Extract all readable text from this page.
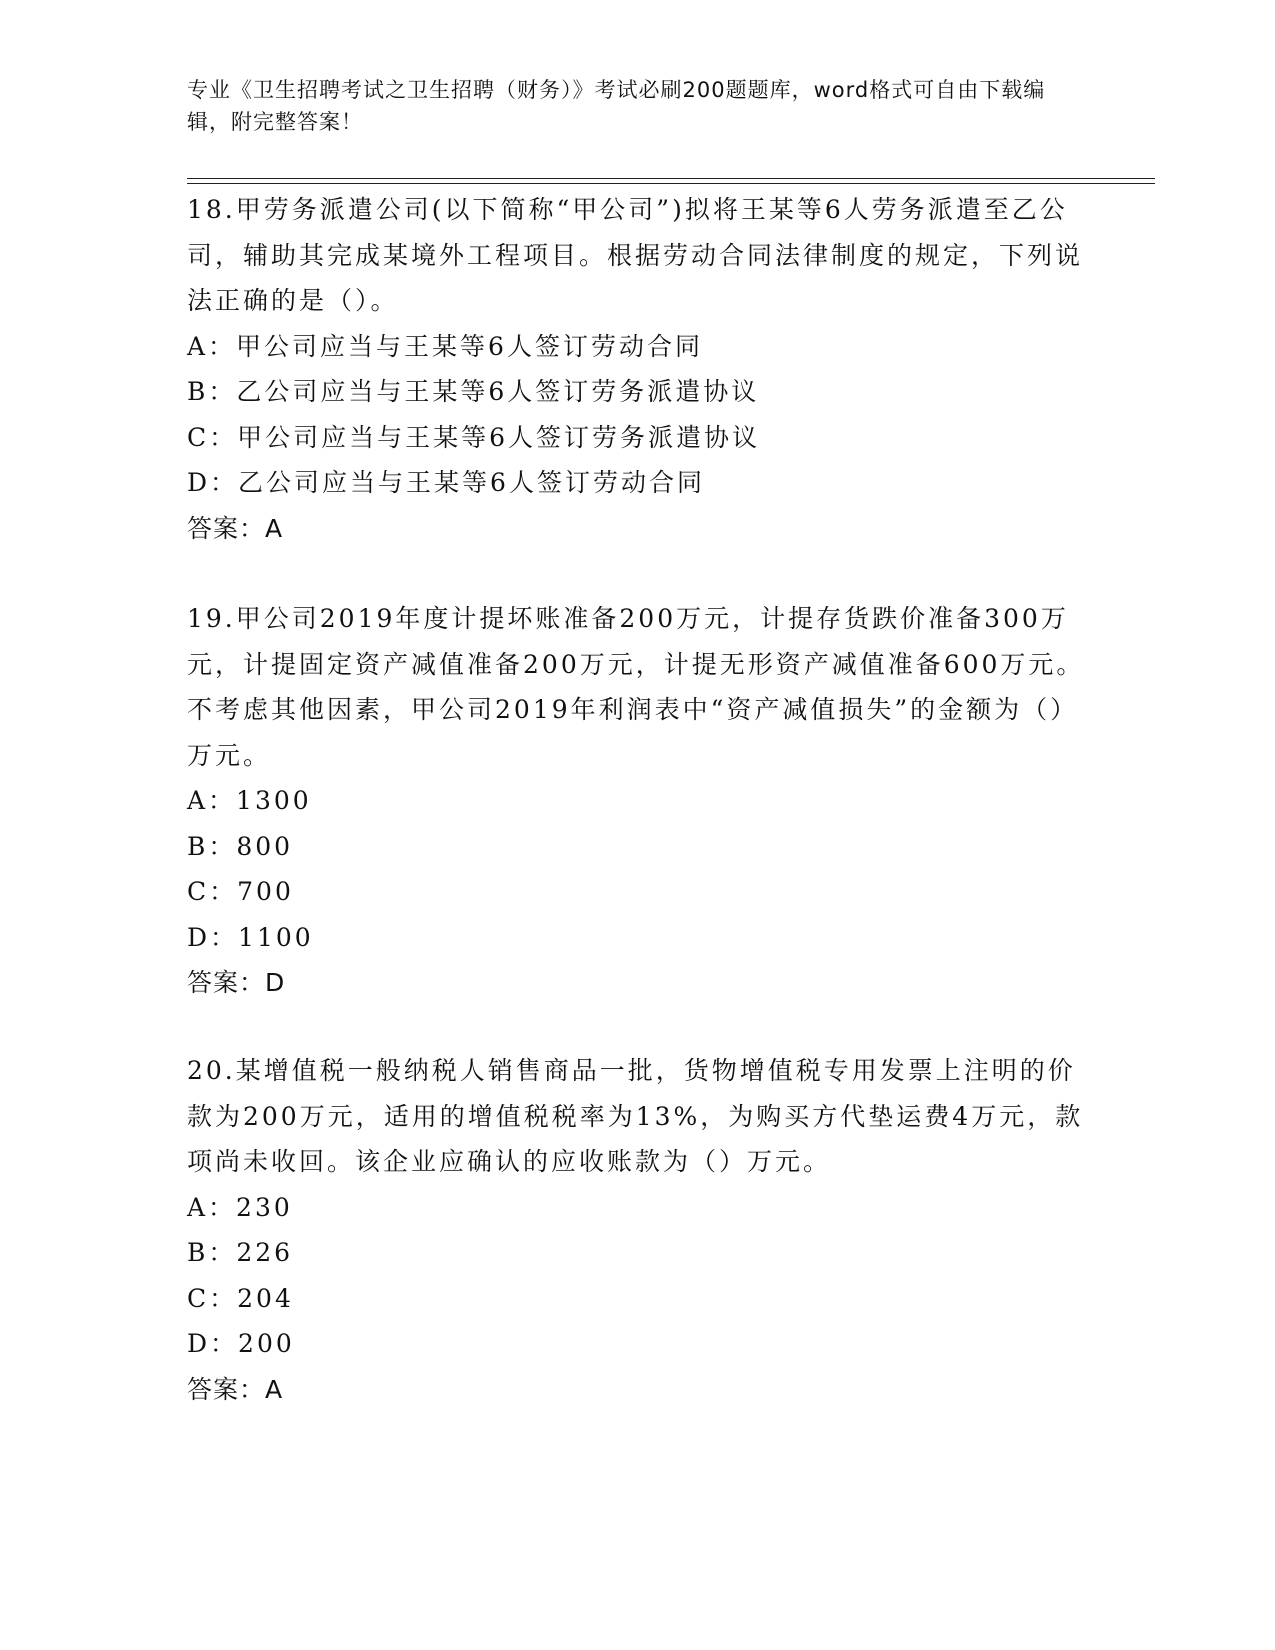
专业《卫生招聘考试之卫生招聘（财务）》考试必刷200题题库，word格式可自由下载编辑，附完整答案！

18.甲劳务派遣公司(以下简称“甲公司”)拟将王某等6人劳务派遣至乙公司，辅助其完成某境外工程项目。根据劳动合同法律制度的规定，下列说法正确的是（）。

A：甲公司应当与王某等6人签订劳动合同
B：乙公司应当与王某等6人签订劳务派遣协议
C：甲公司应当与王某等6人签订劳务派遣协议
D：乙公司应当与王某等6人签订劳动合同
答案：A

19.甲公司2019年度计提坏账准备200万元，计提存货跌价准备300万元，计提固定资产减值准备200万元，计提无形资产减值准备600万元。不考虑其他因素，甲公司2019年利润表中“资产减值损失”的金额为（）万元。

A：1300
B：800
C：700
D：1100
答案：D

20.某增值税一般纳税人销售商品一批，货物增值税专用发票上注明的价款为200万元，适用的增值税税率为13%，为购买方代垫运费4万元，款项尚未收回。该企业应确认的应收账款为（）万元。

A：230
B：226
C：204
D：200
答案：A
